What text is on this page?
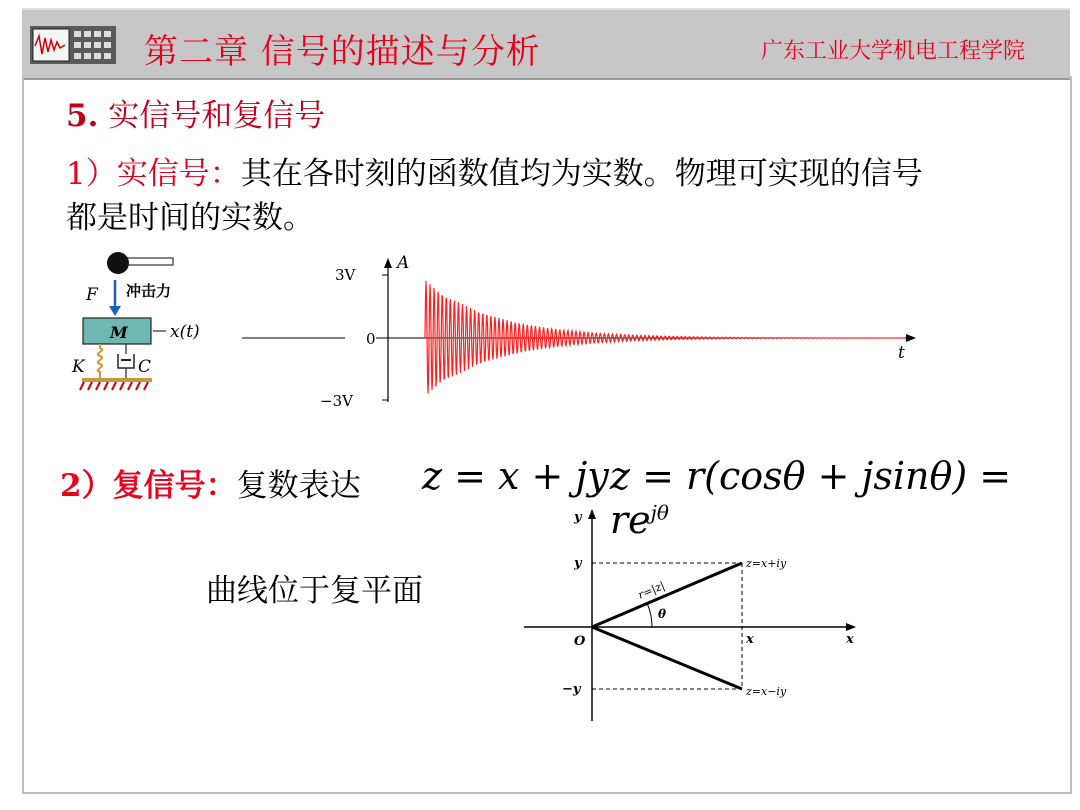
第二章 信号的描述与分析	广东工业大学机电工程学院
5. 实信号和复信号
1）实信号：其在各时刻的函数值均为实数。物理可实现的信号都是时间的实数。
F 冲击力
M x(t)
K	C
3V
A
0
−3V
t
2）复信号：复数表达 z = x + jy $z = r(\cos\theta + jsin\theta) = re^{j\theta}$
曲线位于复平面
y
x
O
θ
r=|z|
y
−y
x
z=x+iy
z=x−iy
